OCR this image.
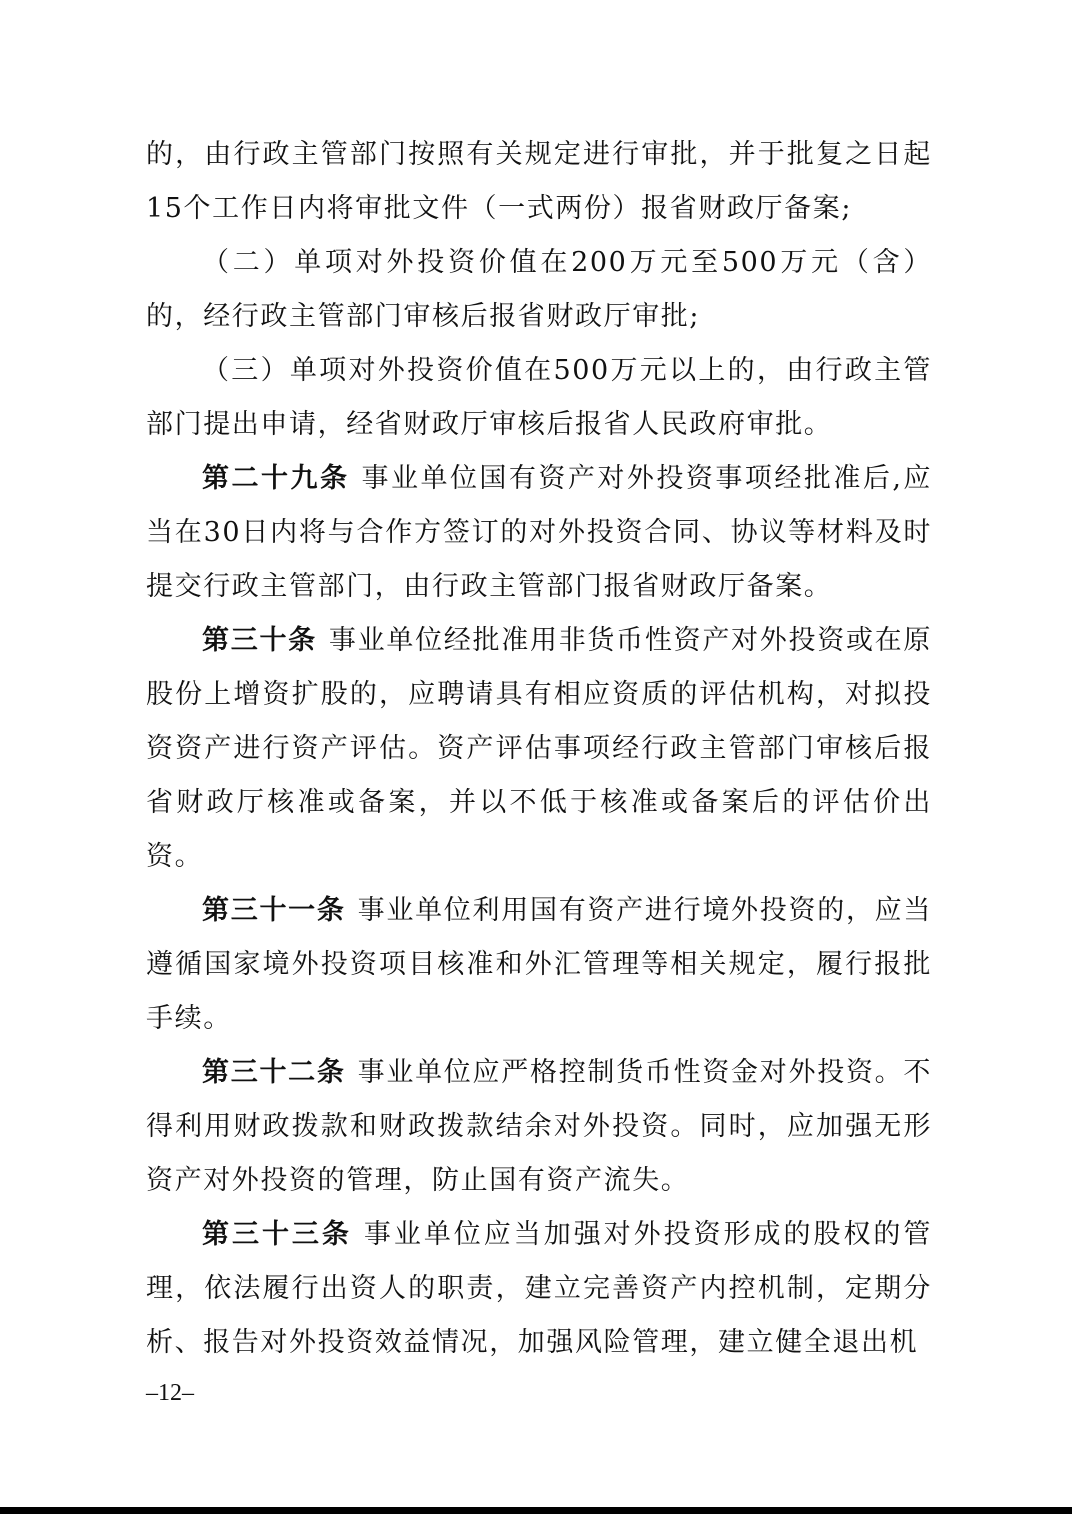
的，由行政主管部门按照有关规定进行审批，并于批复之日起15个工作日内将审批文件（一式两份）报省财政厅备案;

（二）单项对外投资价值在200万元至500万元（含）的，经行政主管部门审核后报省财政厅审批;

（三）单项对外投资价值在500万元以上的，由行政主管部门提出申请，经省财政厅审核后报省人民政府审批。

第二十九条 事业单位国有资产对外投资事项经批准后,应当在30日内将与合作方签订的对外投资合同、协议等材料及时提交行政主管部门，由行政主管部门报省财政厅备案。

第三十条 事业单位经批准用非货币性资产对外投资或在原股份上增资扩股的，应聘请具有相应资质的评估机构，对拟投资资产进行资产评估。资产评估事项经行政主管部门审核后报省财政厅核准或备案，并以不低于核准或备案后的评估价出资。

第三十一条 事业单位利用国有资产进行境外投资的，应当遵循国家境外投资项目核准和外汇管理等相关规定，履行报批手续。

第三十二条 事业单位应严格控制货币性资金对外投资。不得利用财政拨款和财政拨款结余对外投资。同时，应加强无形资产对外投资的管理，防止国有资产流失。

第三十三条 事业单位应当加强对外投资形成的股权的管理，依法履行出资人的职责，建立完善资产内控机制，定期分析、报告对外投资效益情况，加强风险管理，建立健全退出机

–12–
